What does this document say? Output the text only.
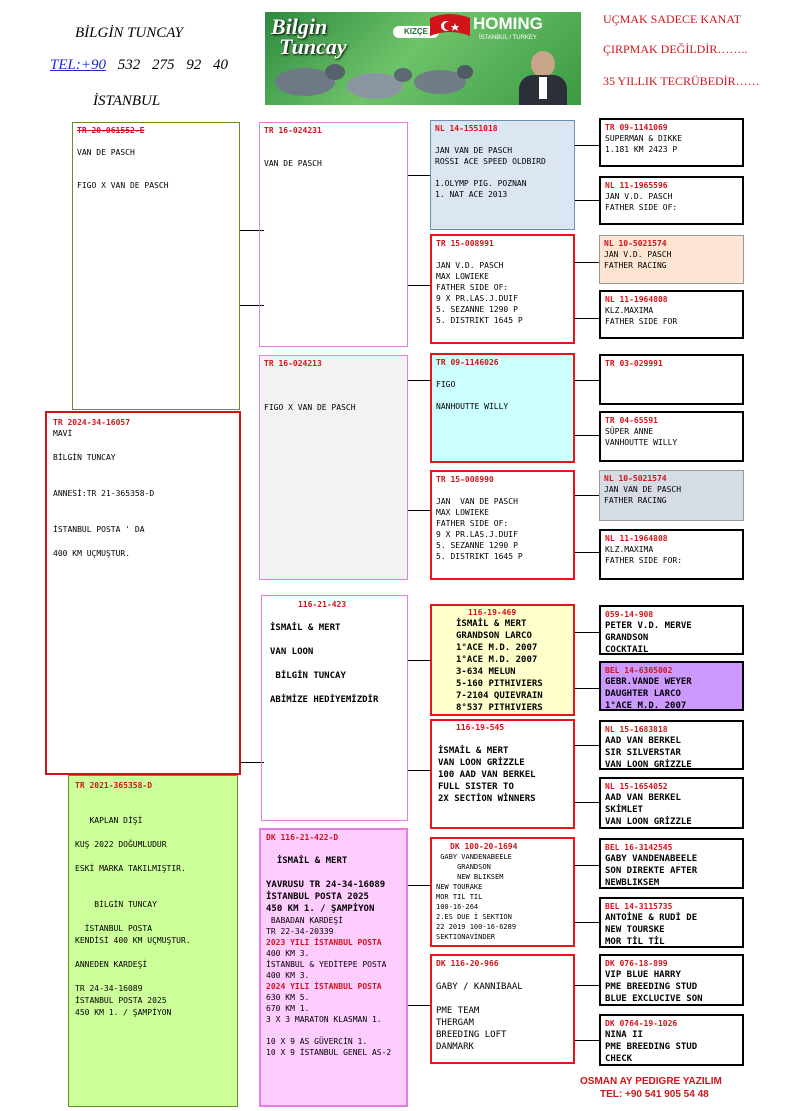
BİLGİN TUNCAY
TEL:+90 532 275 92 40
İSTANBUL
UÇMAK SADECE KANAT
ÇIRPMAK DEĞİLDİR……..
35 YILLIK TECRÜBEDİR……
Bilgin
Tuncay
HOMING
İSTANBUL / TURKEY
KIZÇE
TR 20-061552-E

VAN DE PASCH

FIGO X VAN DE PASCH
TR 2024-34-16057
MAVİ

BİLGİN TUNCAY

ANNESİ:TR 21-365358-D

İSTANBUL POSTA ' DA

400 KM UÇMUŞTUR.
TR 2021-365358-D

KAPLAN DİŞİ

KUŞ 2022 DOĞUMLUDUR

ESKİ MARKA TAKILMIŞTIR.

BİLGİN TUNCAY

İSTANBUL POSTA
KENDİSİ 400 KM UÇMUŞTUR.

ANNEDEN KARDEŞİ

TR 24-34-16089
İSTANBUL POSTA 2025
450 KM 1. / ŞAMPİYON
TR 16-024231

VAN DE PASCH
TR 16-024213

FIGO X VAN DE PASCH
116-21-423

İSMAİL & MERT

VAN LOON

BİLGİN TUNCAY

ABİMİZE HEDİYEMİZDİR
DK 116-21-422-D

İSMAİL & MERT

YAVRUSU TR 24-34-16089
İSTANBUL POSTA 2025
450 KM 1. / ŞAMPİYON
BABADAN KARDEŞİ
TR 22-34-20339
2023 YILI İSTANBUL POSTA
400 KM 3.
İSTANBUL & YEDİTEPE POSTA
400 KM 3.
2024 YILI İSTANBUL POSTA
630 KM 5.
670 KM 1.
3 X 3 MARATON KLASMAN 1.

10 X 9 AS GÜVERCİN 1.
10 X 9 İSTANBUL GENEL AS-2
NL 14-1551018

JAN VAN DE PASCH
ROSSI ACE SPEED OLDBIRD

1.OLYMP PIG. POZNAN
1. NAT ACE 2013
TR 15-008991

JAN V.D. PASCH
MAX LOWIEKE
FATHER SIDE OF:
9 X PR.LAS.J.DUIF
5. SEZANNE 1290 P
5. DISTRIKT 1645 P
TR 09-1146026

FIGO

NANHOUTTE WILLY
TR 15-008990

JAN  VAN DE PASCH
MAX LOWIEKE
FATHER SIDE OF:
9 X PR.LAS.J.DUIF
5. SEZANNE 1290 P
5. DISTRIKT 1645 P
116-19-469
İSMAİL & MERT
GRANDSON LARCO
1°ACE M.D. 2007
1°ACE M.D. 2007
3-634 MELUN
5-160 PITHIVIERS
7-2104 QUIEVRAIN
8°537 PITHIVIERS
116-19-545

İSMAİL & MERT
VAN LOON GRİZZLE
100 AAD VAN BERKEL
FULL SISTER TO
2X SECTİON WİNNERS
DK 100-20-1694
GABY VANDENABEELE
GRANDSON
NEW BLIKSEM
NEW TOURAKE
MOR TIL TIL
100-16-264
2.ES DUE İ SEKTION
22 2019 100-16-6289
SEKTIONAVİNDER
DK 116-20-966

GABY / KANNIBAAL

PME TEAM
THERGAM
BREEDING LOFT
DANMARK
TR 09-1141069
SUPERMAN & DIKKE
1.181 KM 2423 P
NL 11-1965596
JAN V.D. PASCH
FATHER SIDE OF:
NL 10-5021574
JAN V.D. PASCH
FATHER RACING
NL 11-1964808
KLZ.MAXIMA
FATHER SIDE FOR
TR 03-029991
TR 04-65591
SÜPER ANNE
VANHOUTTE WILLY
NL 10-5021574
JAN VAN DE PASCH
FATHER RACING
NL 11-1964808
KLZ.MAXIMA
FATHER SIDE FOR:
059-14-908
PETER V.D. MERVE
GRANDSON
COCKTAIL
BEL 14-6305002
GEBR.VANDE WEYER
DAUGHTER LARCO
1°ACE M.D. 2007
NL 15-1683818
AAD VAN BERKEL
SIR SILVERSTAR
VAN LOON GRİZZLE
NL 15-1654052
AAD VAN BERKEL
SKİMLET
VAN LOON GRİZZLE
BEL 16-3142545
GABY VANDENABEELE
SON DIREKTE AFTER
NEWBLIKSEM
BEL 14-3115735
ANTOİNE & RUDİ DE
NEW TOURSKE
MOR TİL TİL
DK 076-18-899
VIP BLUE HARRY
PME BREEDING STUD
BLUE EXCLUCIVE SON
DK 0764-19-1026
NINA II
PME BREEDING STUD
CHECK
OSMAN AY PEDIGRE YAZILIM
TEL: +90 541 905 54 48
